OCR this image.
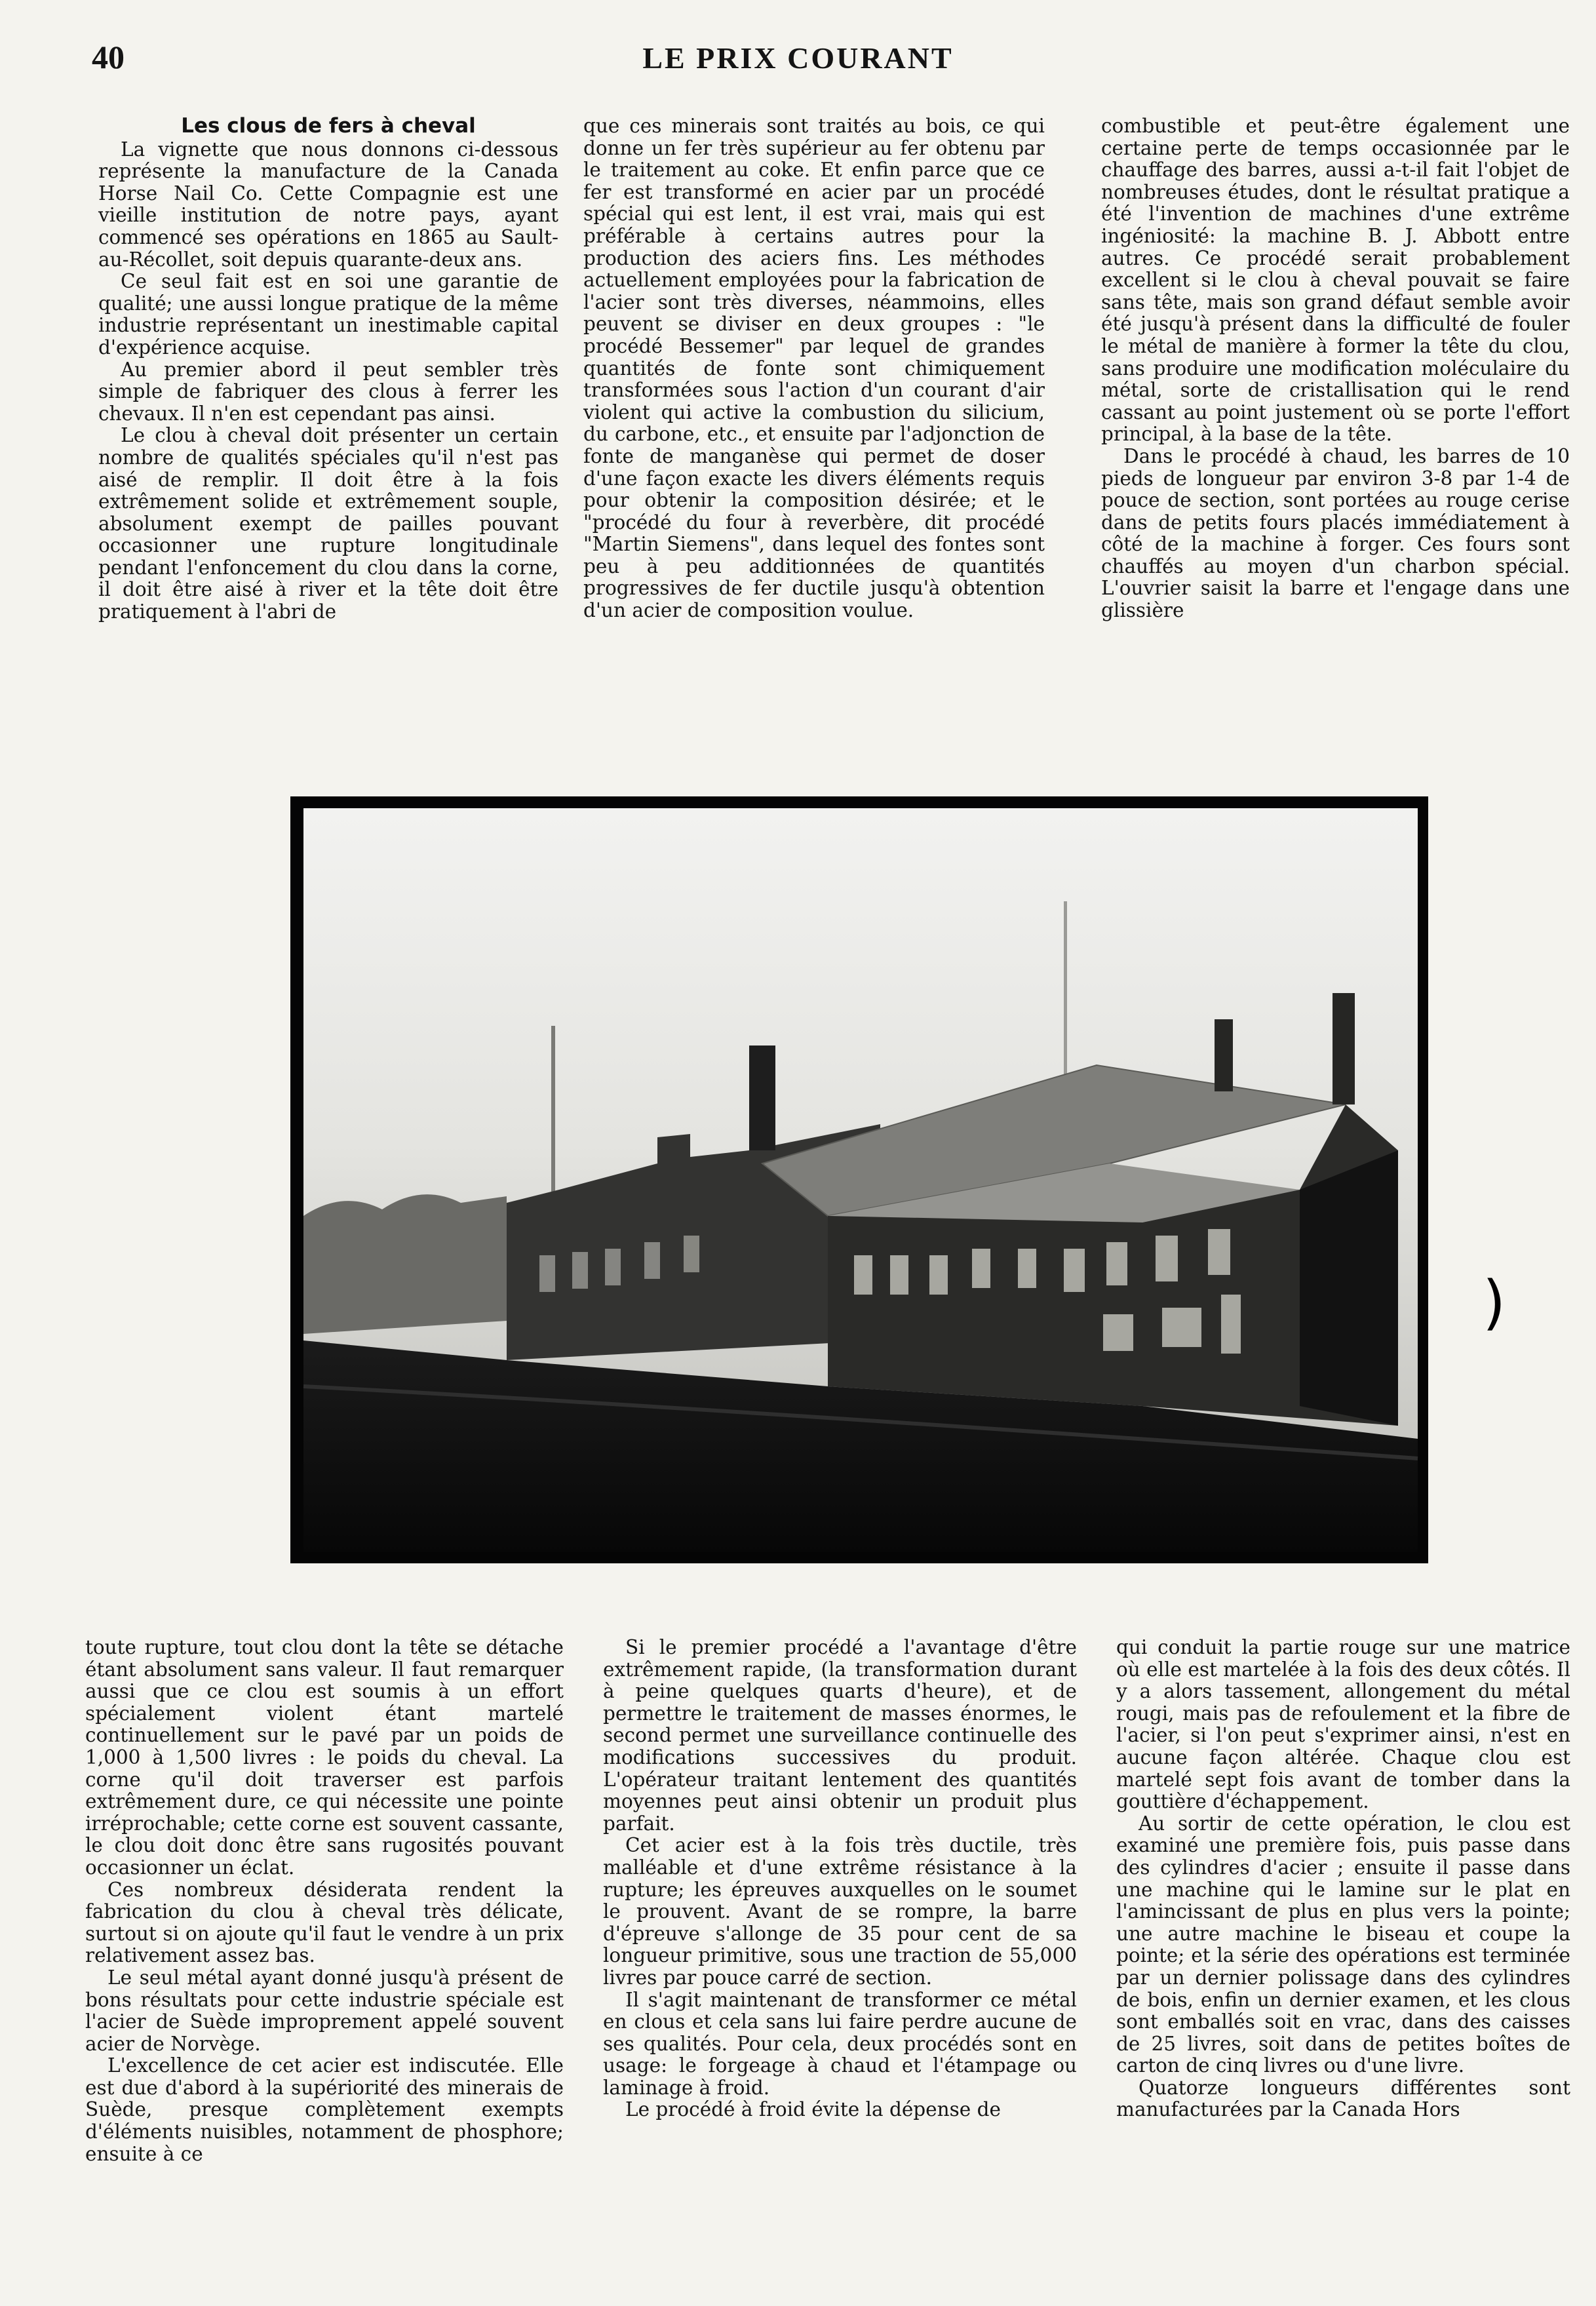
40	LE PRIX COURANT
Les clous de fers à cheval

La vignette que nous donnons ci-dessous représente la manufacture de la Canada Horse Nail Co. Cette Compagnie est une vieille institution de notre pays, ayant commencé ses opérations en 1865 au Sault-au-Récollet, soit depuis quarante-deux ans.

Ce seul fait est en soi une garantie de qualité; une aussi longue pratique de la même industrie représentant un inestimable capital d'expérience acquise.

Au premier abord il peut sembler très simple de fabriquer des clous à ferrer les chevaux. Il n'en est cependant pas ainsi.

Le clou à cheval doit présenter un certain nombre de qualités spéciales qu'il n'est pas aisé de remplir. Il doit être à la fois extrêmement solide et extrêmement souple, absolument exempt de pailles pouvant occasionner une rupture longitudinale pendant l'enfoncement du clou dans la corne, il doit être aisé à river et la tête doit être pratiquement à l'abri de

que ces minerais sont traités au bois, ce qui donne un fer très supérieur au fer obtenu par le traitement au coke. Et enfin parce que ce fer est transformé en acier par un procédé spécial qui est lent, il est vrai, mais qui est préférable à certains autres pour la production des aciers fins. Les méthodes actuellement employées pour la fabrication de l'acier sont très diverses, néammoins, elles peuvent se diviser en deux groupes : "le procédé Bessemer" par lequel de grandes quantités de fonte sont chimiquement transformées sous l'action d'un courant d'air violent qui active la combustion du silicium, du carbone, etc., et ensuite par l'adjonction de fonte de manganèse qui permet de doser d'une façon exacte les divers éléments requis pour obtenir la composition désirée; et le "procédé du four à reverbère, dit procédé "Martin Siemens", dans lequel des fontes sont peu à peu additionnées de quantités progressives de fer ductile jusqu'à obtention d'un acier de composition voulue.

combustible et peut-être également une certaine perte de temps occasionnée par le chauffage des barres, aussi a-t-il fait l'objet de nombreuses études, dont le résultat pratique a été l'invention de machines d'une extrême ingéniosité: la machine B. J. Abbott entre autres. Ce procédé serait probablement excellent si le clou à cheval pouvait se faire sans tête, mais son grand défaut semble avoir été jusqu'à présent dans la difficulté de fouler le métal de manière à former la tête du clou, sans produire une modification moléculaire du métal, sorte de cristallisation qui le rend cassant au point justement où se porte l'effort principal, à la base de la tête.

Dans le procédé à chaud, les barres de 10 pieds de longueur par environ 3-8 par 1-4 de pouce de section, sont portées au rouge cerise dans de petits fours placés immédiatement à côté de la machine à forger. Ces fours sont chauffés au moyen d'un charbon spécial. L'ouvrier saisit la barre et l'engage dans une glissière

)

toute rupture, tout clou dont la tête se détache étant absolument sans valeur. Il faut remarquer aussi que ce clou est soumis à un effort spécialement violent étant martelé continuellement sur le pavé par un poids de 1,000 à 1,500 livres : le poids du cheval. La corne qu'il doit traverser est parfois extrêmement dure, ce qui nécessite une pointe irréprochable; cette corne est souvent cassante, le clou doit donc être sans rugosités pouvant occasionner un éclat.

Ces nombreux désiderata rendent la fabrication du clou à cheval très délicate, surtout si on ajoute qu'il faut le vendre à un prix relativement assez bas.

Le seul métal ayant donné jusqu'à présent de bons résultats pour cette industrie spéciale est l'acier de Suède improprement appelé souvent acier de Norvège.

L'excellence de cet acier est indiscutée. Elle est due d'abord à la supériorité des minerais de Suède, presque complètement exempts d'éléments nuisibles, notamment de phosphore; ensuite à ce

Si le premier procédé a l'avantage d'être extrêmement rapide, (la transformation durant à peine quelques quarts d'heure), et de permettre le traitement de masses énormes, le second permet une surveillance continuelle des modifications successives du produit. L'opérateur traitant lentement des quantités moyennes peut ainsi obtenir un produit plus parfait.

Cet acier est à la fois très ductile, très malléable et d'une extrême résistance à la rupture; les épreuves auxquelles on le soumet le prouvent. Avant de se rompre, la barre d'épreuve s'allonge de 35 pour cent de sa longueur primitive, sous une traction de 55,000 livres par pouce carré de section.

Il s'agit maintenant de transformer ce métal en clous et cela sans lui faire perdre aucune de ses qualités. Pour cela, deux procédés sont en usage: le forgeage à chaud et l'étampage ou laminage à froid.

Le procédé à froid évite la dépense de

qui conduit la partie rouge sur une matrice où elle est martelée à la fois des deux côtés. Il y a alors tassement, allongement du métal rougi, mais pas de refoulement et la fibre de l'acier, si l'on peut s'exprimer ainsi, n'est en aucune façon altérée. Chaque clou est martelé sept fois avant de tomber dans la gouttière d'échappement.

Au sortir de cette opération, le clou est examiné une première fois, puis passe dans des cylindres d'acier ; ensuite il passe dans une machine qui le lamine sur le plat en l'amincissant de plus en plus vers la pointe; une autre machine le biseau et coupe la pointe; et la série des opérations est terminée par un dernier polissage dans des cylindres de bois, enfin un dernier examen, et les clous sont emballés soit en vrac, dans des caisses de 25 livres, soit dans de petites boîtes de carton de cinq livres ou d'une livre.

Quatorze longueurs différentes sont manufacturées par la Canada Hors
